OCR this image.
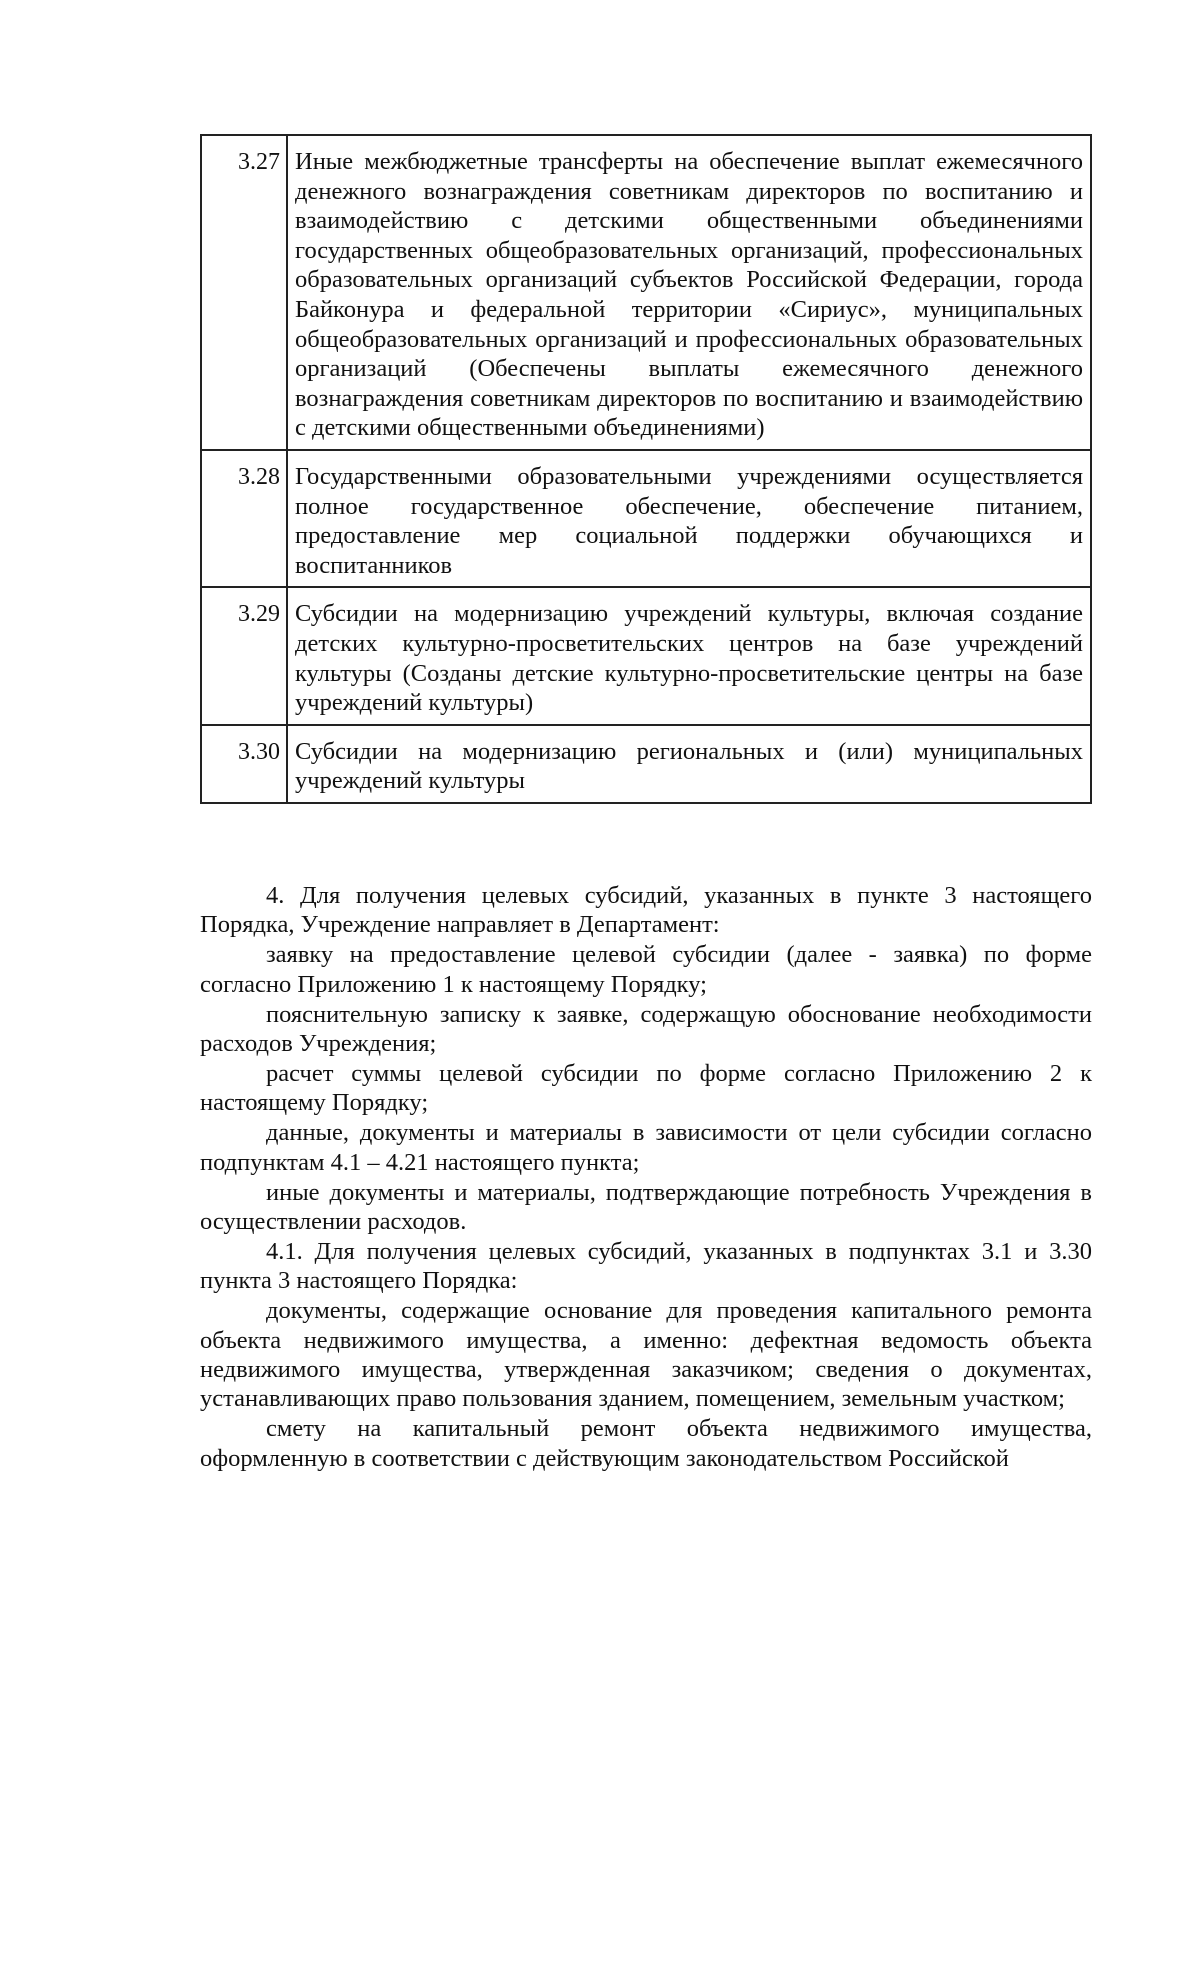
3.27	Иные межбюджетные трансферты на обеспечение выплат ежемесячного денежного вознаграждения советникам директоров по воспитанию и взаимодействию с детскими общественными объединениями государственных общеобразовательных организаций, профессиональных образовательных организаций субъектов Российской Федерации, города Байконура и федеральной территории «Сириус», муниципальных общеобразовательных организаций и профессиональных образовательных организаций (Обеспечены выплаты ежемесячного денежного вознаграждения советникам директоров по воспитанию и взаимодействию с детскими общественными объединениями)
3.28	Государственными образовательными учреждениями осуществляется полное государственное обеспечение, обеспечение питанием, предоставление мер социальной поддержки обучающихся и воспитанников
3.29	Субсидии на модернизацию учреждений культуры, включая создание детских культурно-просветительских центров на базе учреждений культуры (Созданы детские культурно-просветительские центры на базе учреждений культуры)
3.30	Субсидии на модернизацию региональных и (или) муниципальных учреждений культуры

4. Для получения целевых субсидий, указанных в пункте 3 настоящего Порядка, Учреждение направляет в Департамент:

заявку на предоставление целевой субсидии (далее - заявка) по форме согласно Приложению 1 к настоящему Порядку;

пояснительную записку к заявке, содержащую обоснование необходимости расходов Учреждения;

расчет суммы целевой субсидии по форме согласно Приложению 2 к настоящему Порядку;

данные, документы и материалы в зависимости от цели субсидии согласно подпунктам 4.1 – 4.21 настоящего пункта;

иные документы и материалы, подтверждающие потребность Учреждения в осуществлении расходов.

4.1. Для получения целевых субсидий, указанных в подпунктах 3.1 и 3.30 пункта 3 настоящего Порядка:

документы, содержащие основание для проведения капитального ремонта объекта недвижимого имущества, а именно: дефектная ведомость объекта недвижимого имущества, утвержденная заказчиком; сведения о документах, устанавливающих право пользования зданием, помещением, земельным участком;

смету на капитальный ремонт объекта недвижимого имущества, оформленную в соответствии с действующим законодательством Российской
